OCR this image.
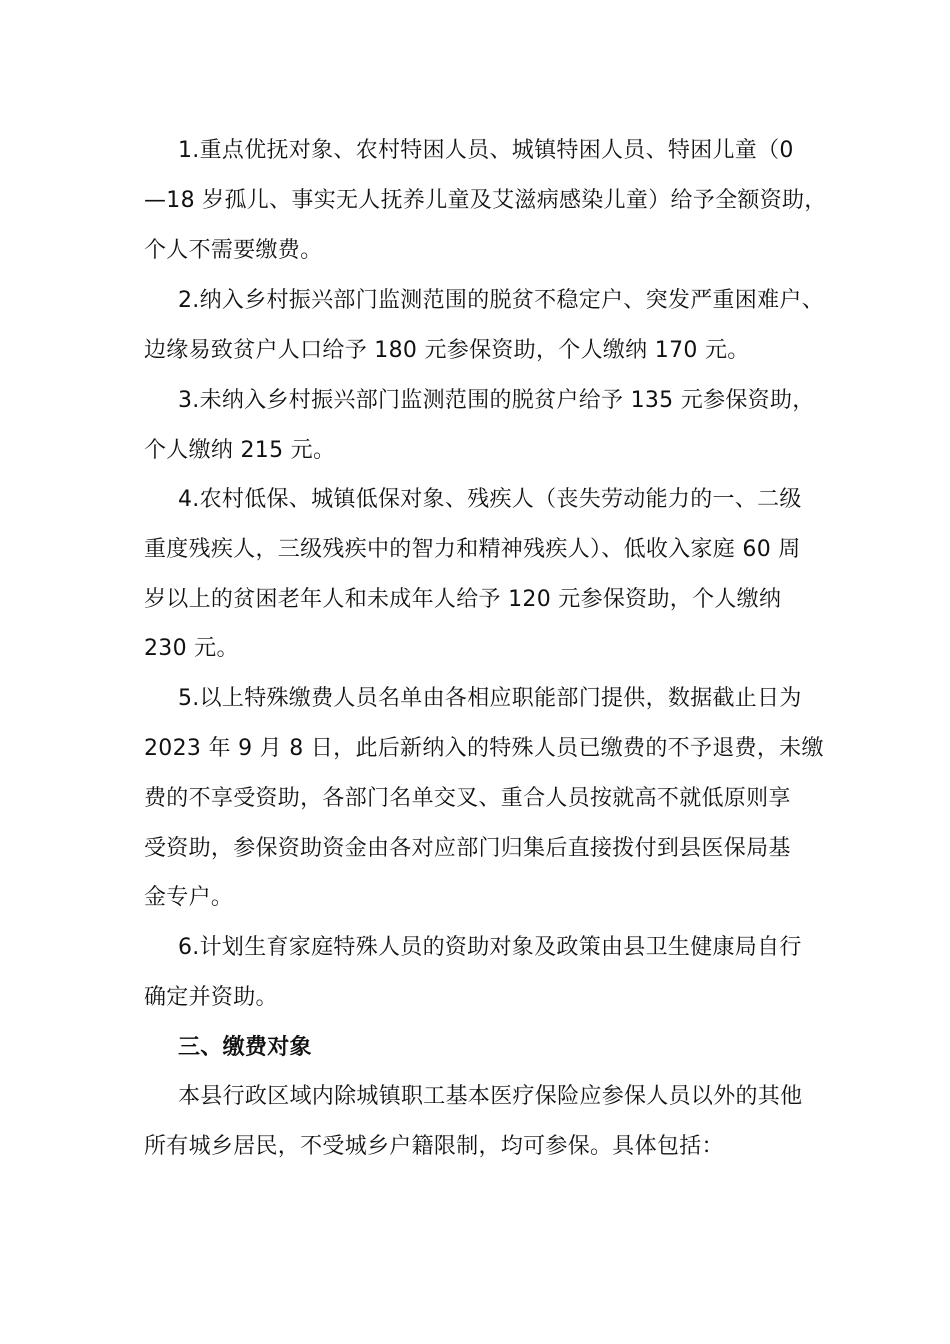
1.重点优抚对象、农村特困人员、城镇特困人员、特困儿童（0
—18 岁孤儿、事实无人抚养儿童及艾滋病感染儿童）给予全额资助，
个人不需要缴费。
2.纳入乡村振兴部门监测范围的脱贫不稳定户、突发严重困难户、
边缘易致贫户人口给予 180 元参保资助，个人缴纳 170 元。
3.未纳入乡村振兴部门监测范围的脱贫户给予 135 元参保资助，
个人缴纳 215 元。
4.农村低保、城镇低保对象、残疾人（丧失劳动能力的一、二级
重度残疾人，三级残疾中的智力和精神残疾人）、低收入家庭 60 周
岁以上的贫困老年人和未成年人给予 120 元参保资助，个人缴纳
230 元。
5.以上特殊缴费人员名单由各相应职能部门提供，数据截止日为
2023 年 9 月 8 日，此后新纳入的特殊人员已缴费的不予退费，未缴
费的不享受资助，各部门名单交叉、重合人员按就高不就低原则享
受资助，参保资助资金由各对应部门归集后直接拨付到县医保局基
金专户。
6.计划生育家庭特殊人员的资助对象及政策由县卫生健康局自行
确定并资助。
三、缴费对象
本县行政区域内除城镇职工基本医疗保险应参保人员以外的其他
所有城乡居民，不受城乡户籍限制，均可参保。具体包括：
